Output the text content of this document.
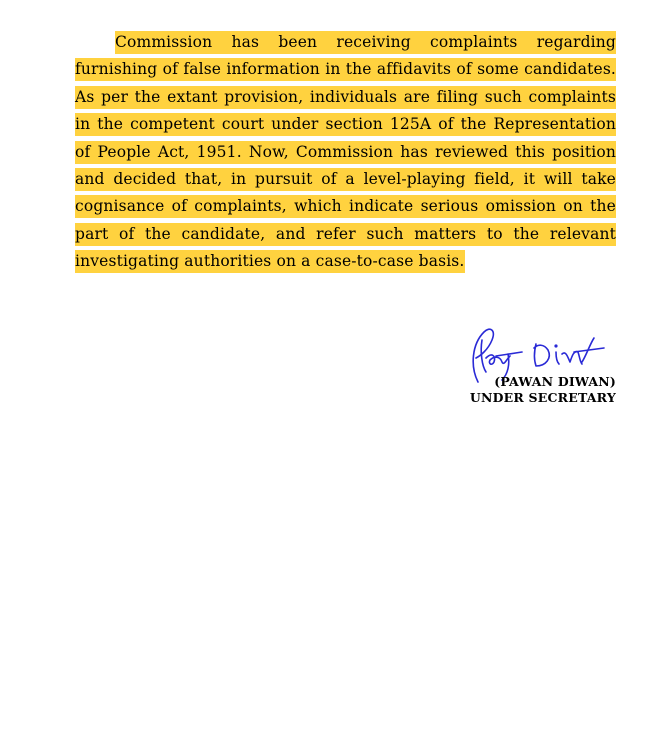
Commission has been receiving complaints regarding furnishing of false information in the affidavits of some candidates. As per the extant provision, individuals are filing such complaints in the competent court under section 125A of the Representation of People Act, 1951. Now, Commission has reviewed this position and decided that, in pursuit of a level-playing field, it will take cognisance of complaints, which indicate serious omission on the part of the candidate, and refer such matters to the relevant investigating authorities on a case-to-case basis.

(PAWAN DIWAN)
UNDER SECRETARY
